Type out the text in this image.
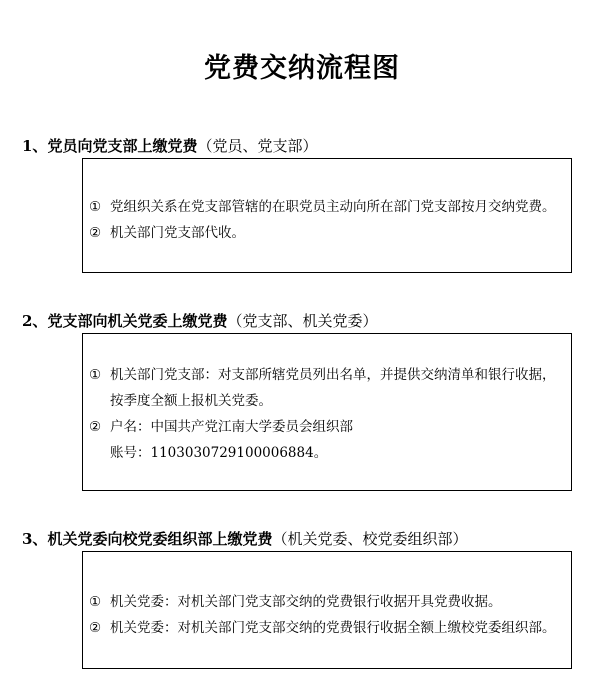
党费交纳流程图
1、党员向党支部上缴党费（党员、党支部）
① 党组织关系在党支部管辖的在职党员主动向所在部门党支部按月交纳党费。
② 机关部门党支部代收。
2、党支部向机关党委上缴党费（党支部、机关党委）
① 机关部门党支部：对支部所辖党员列出名单，并提供交纳清单和银行收据，
按季度全额上报机关党委。
② 户名：中国共产党江南大学委员会组织部
账号：1103030729100006884。
3、机关党委向校党委组织部上缴党费（机关党委、校党委组织部）
① 机关党委：对机关部门党支部交纳的党费银行收据开具党费收据。
② 机关党委：对机关部门党支部交纳的党费银行收据全额上缴校党委组织部。
